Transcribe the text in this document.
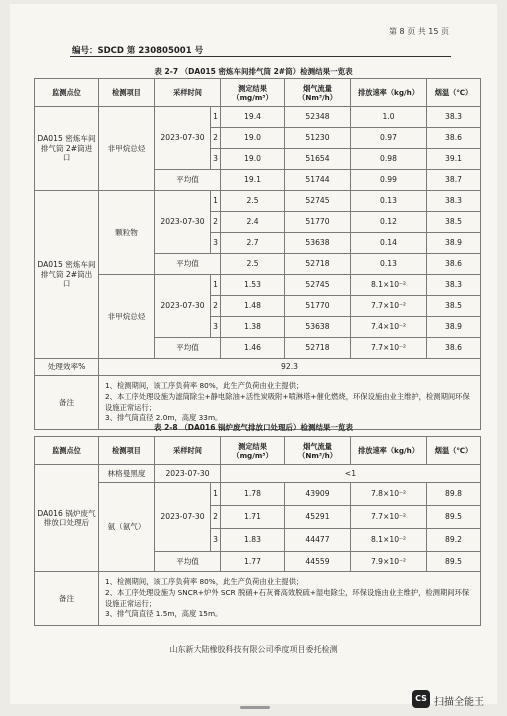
第 8 页 共 15 页
编号：SDCD 第 230805001 号
表 2-7 （DA015 密炼车间排气筒 2#筒）检测结果一览表
监测点位	检测项目	采样时间		测定结果（mg/m³）	烟气流量（Nm³/h）	排放速率（kg/h）	烟温（℃）
DA015 密炼车间排气筒 2#筒进口	非甲烷总烃	2023-07-30	1	19.4	52348	1.0	38.3
			2	19.0	51230	0.97	38.6
			3	19.0	51654	0.98	39.1
		平均值		19.1	51744	0.99	38.7
DA015 密炼车间排气筒 2#筒出口	颗粒物	2023-07-30	1	2.5	52745	0.13	38.3
			2	2.4	51770	0.12	38.5
			3	2.7	53638	0.14	38.9
		平均值		2.5	52718	0.13	38.6
	非甲烷总烃	2023-07-30	1	1.53	52745	8.1×10⁻²	38.3
			2	1.48	51770	7.7×10⁻²	38.5
			3	1.38	53638	7.4×10⁻²	38.9
		平均值		1.46	52718	7.7×10⁻²	38.6
处理效率%	92.3						
备注	1、检测期间，该工序负荷率 80%，此生产负荷由业主提供；
2、本工序处理设施为滤筒除尘+静电除油+活性炭吸附+喷淋塔+催化燃烧，环保设施由业主维护，检测期间环保设施正常运行；
3、排气筒直径 2.0m，高度 33m。						
表 2-8 （DA016 锅炉废气排放口处理后）检测结果一览表
监测点位	检测项目	采样时间		测定结果（mg/m³）	烟气流量（Nm³/h）	排放速率（kg/h）	烟温（℃）
DA016 锅炉废气排放口处理后	林格曼黑度	2023-07-30		<1			
	氨（氨气）	2023-07-30	1	1.78	43909	7.8×10⁻²	89.8
			2	1.71	45291	7.7×10⁻²	89.5
			3	1.83	44477	8.1×10⁻²	89.2
		平均值		1.77	44559	7.9×10⁻²	89.5
备注	1、检测期间，该工序负荷率 80%，此生产负荷由业主提供；
2、本工序处理设施为 SNCR+炉外 SCR 脱硝+石灰膏高效脱硫+湿电除尘，环保设施由业主维护，检测期间环保设施正常运行；
3、排气筒直径 1.5m，高度 15m。						
山东新大陆橡胶科技有限公司季度项目委托检测
CS 扫描全能王
